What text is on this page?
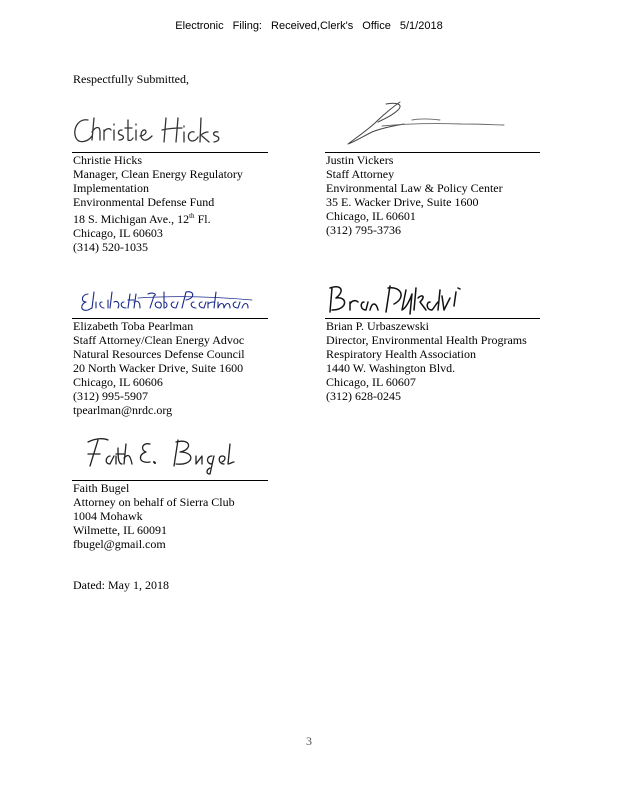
Electronic Filing: Received,Clerk's Office 5/1/2018
Respectfully Submitted,
Christie Hicks
Manager, Clean Energy Regulatory
Implementation
Environmental Defense Fund
18 S. Michigan Ave., 12th Fl.
Chicago, IL 60603
(314) 520-1035
Justin Vickers
Staff Attorney
Environmental Law & Policy Center
35 E. Wacker Drive, Suite 1600
Chicago, IL 60601
(312) 795-3736
Elizabeth Toba Pearlman
Staff Attorney/Clean Energy Advoc
Natural Resources Defense Council
20 North Wacker Drive, Suite 1600
Chicago, IL 60606
(312) 995-5907
tpearlman@nrdc.org
Brian P. Urbaszewski
Director, Environmental Health Programs
Respiratory Health Association
1440 W. Washington Blvd.
Chicago, IL 60607
(312) 628-0245
Faith Bugel
Attorney on behalf of Sierra Club
1004 Mohawk
Wilmette, IL 60091
fbugel@gmail.com
Dated: May 1, 2018
3
